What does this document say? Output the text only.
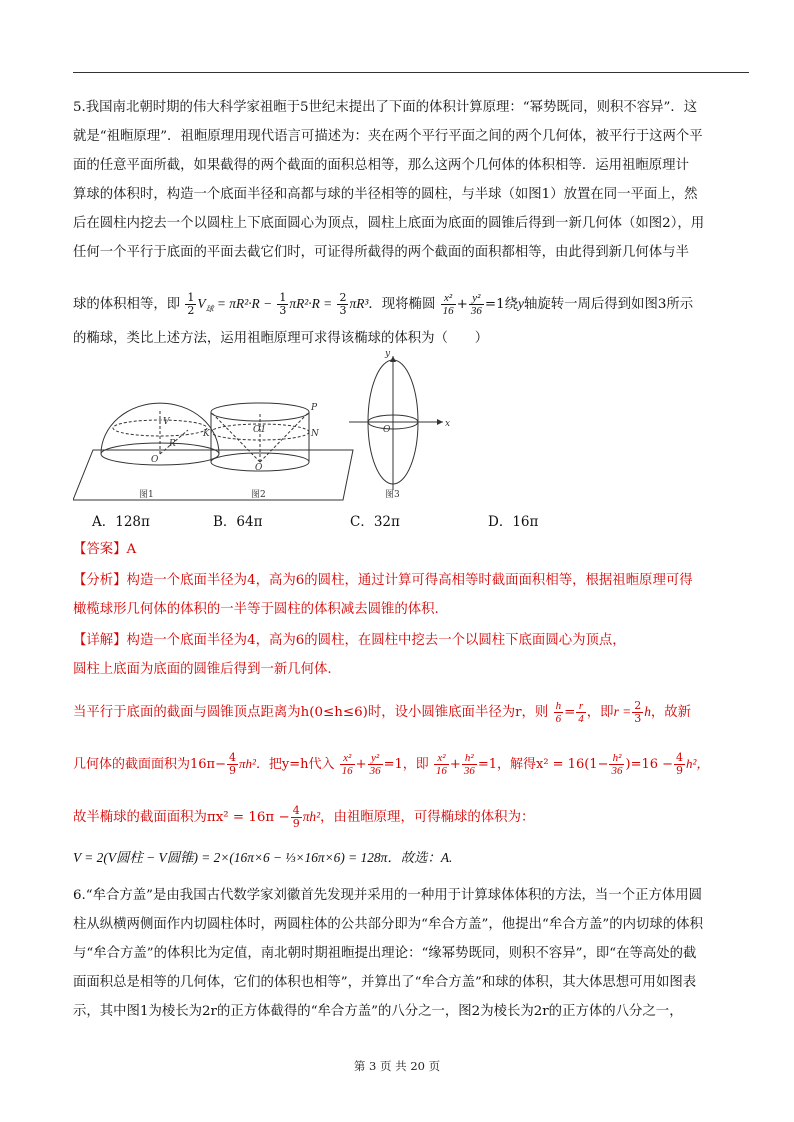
5.我国南北朝时期的伟大科学家祖暅于5世纪末提出了下面的体积计算原理：“幂势既同，则积不容异”．这
就是“祖暅原理”．祖暅原理用现代语言可描述为：夹在两个平行平面之间的两个几何体，被平行于这两个平
面的任意平面所截，如果截得的两个截面的面积总相等，那么这两个几何体的体积相等．运用祖暅原理计
算球的体积时，构造一个底面半径和高都与球的半径相等的圆柱，与半球（如图1）放置在同一平面上，然
后在圆柱内挖去一个以圆柱上下底面圆心为顶点，圆柱上底面为底面的圆锥后得到一新几何体（如图2），用
任何一个平行于底面的平面去截它们时，可证得所截得的两个截面的面积都相等，由此得到新几何体与半
球的体积相等，即 $\frac{1}{2} V_球 = \pi R^2\cdot R - \frac{1}{3} \pi R^2\cdot R = \frac{2}{3} \pi R^3$．现将椭圆 $\frac{\text{x²}}{16} + \frac{\text{y²}}{36} =1$绕y轴旋转一周后得到如图3所示
的椭球，类比上述方法，运用祖暅原理可求得该椭球的体积为（　　）
O
V
R
K
P
N
O1
O
x
y
O
图1	图2	图3
A．128π	B．64π	C．32π	D．16π
【答案】A
【分析】构造一个底面半径为4，高为6的圆柱，通过计算可得高相等时截面面积相等，根据祖暅原理可得
橄榄球形几何体的体积的一半等于圆柱的体积减去圆锥的体积.
【详解】构造一个底面半径为4，高为6的圆柱，在圆柱中挖去一个以圆柱下底面圆心为顶点，
圆柱上底面为底面的圆锥后得到一新几何体.
当平行于底面的截面与圆锥顶点距离为h(0≤h≤6)时，设小圆锥底面半径为r，则 $\frac{h}{6} = \frac{r}{4}$ ，即$r = \frac{2}{3}$ h，故新
几何体的截面面积为$16\pi- \frac{4}{9} \pi h^2$．把y=h代入 $\frac{\text{x²}}{16} + \frac{\text{y²}}{36} =1$，即 $\frac{\text{x²}}{16} + \frac{\text{h²}}{36} =1$，解得$x^2 = 16(1- \frac{\text{h²}}{36} )=16 - \frac{4}{9} h^2$，
故半椭球的截面面积为$\pi x^2 = 16\pi - \frac{4}{9} \pi h^2$，由祖暅原理，可得椭球的体积为：
V = 2(V圆柱 − V圆锥) = 2×(16π×6 − ⅓×16π×6) = 128π．故选：A.
6.“牟合方盖”是由我国古代数学家刘徽首先发现并采用的一种用于计算球体体积的方法，当一个正方体用圆
柱从纵横两侧面作内切圆柱体时，两圆柱体的公共部分即为“牟合方盖”，他提出“牟合方盖”的内切球的体积
与“牟合方盖”的体积比为定值，南北朝时期祖暅提出理论：“缘幂势既同，则积不容异”，即“在等高处的截
面面积总是相等的几何体，它们的体积也相等”，并算出了“牟合方盖”和球的体积，其大体思想可用如图表
示，其中图1为棱长为2r的正方体截得的“牟合方盖”的八分之一，图2为棱长为2r的正方体的八分之一，
第 3 页 共 20 页
